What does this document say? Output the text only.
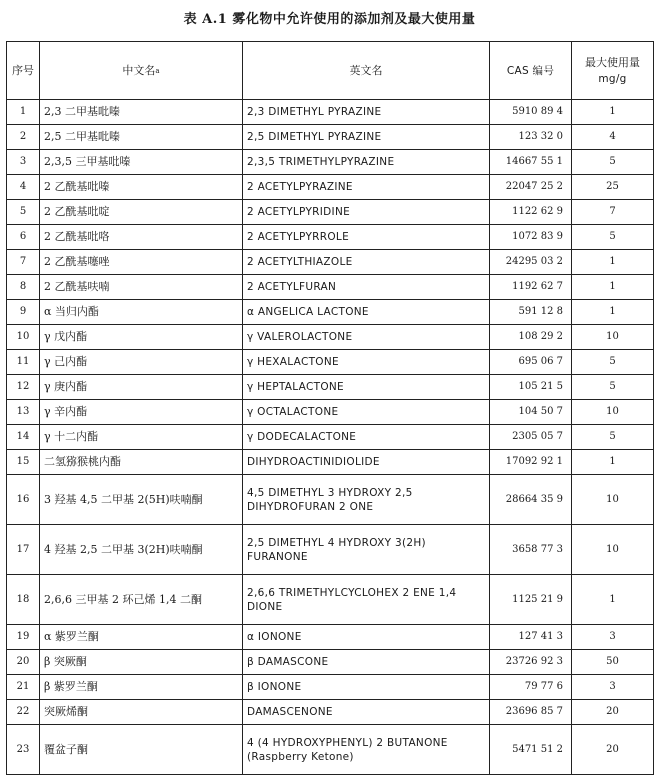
表 A.1 雾化物中允许使用的添加剂及最大使用量
序号	中文名$^a$	英文名	CAS 编号	最大使用量
mg/g

1	2,3 二甲基吡嗪	2,3 DIMETHYL PYRAZINE	5910 89 4	1
2	2,5 二甲基吡嗪	2,5 DIMETHYL PYRAZINE	123 32 0	4
3	2,3,5 三甲基吡嗪	2,3,5 TRIMETHYLPYRAZINE	14667 55 1	5
4	2 乙酰基吡嗪	2 ACETYLPYRAZINE	22047 25 2	25
5	2 乙酰基吡啶	2 ACETYLPYRIDINE	1122 62 9	7
6	2 乙酰基吡咯	2 ACETYLPYRROLE	1072 83 9	5
7	2 乙酰基噻唑	2 ACETYLTHIAZOLE	24295 03 2	1
8	2 乙酰基呋喃	2 ACETYLFURAN	1192 62 7	1
9	α 当归内酯	α ANGELICA LACTONE	591 12 8	1
10	γ 戊内酯	γ VALEROLACTONE	108 29 2	10
11	γ 己内酯	γ HEXALACTONE	695 06 7	5
12	γ 庚内酯	γ HEPTALACTONE	105 21 5	5
13	γ 辛内酯	γ OCTALACTONE	104 50 7	10
14	γ 十二内酯	γ DODECALACTONE	2305 05 7	5
15	二氢猕猴桃内酯	DIHYDROACTINIDIOLIDE	17092 92 1	1
16	3 羟基 4,5 二甲基 2(5H)呋喃酮	4,5 DIMETHYL 3 HYDROXY 2,5 DIHYDROFURAN 2 ONE	28664 35 9	10
17	4 羟基 2,5 二甲基 3(2H)呋喃酮	2,5 DIMETHYL 4 HYDROXY 3(2H) FURANONE	3658 77 3	10
18	2,6,6 三甲基 2 环己烯 1,4 二酮	2,6,6 TRIMETHYLCYCLOHEX 2 ENE 1,4 DIONE	1125 21 9	1
19	α 紫罗兰酮	α IONONE	127 41 3	3
20	β 突厥酮	β DAMASCONE	23726 92 3	50
21	β 紫罗兰酮	β IONONE	79 77 6	3
22	突厥烯酮	DAMASCENONE	23696 85 7	20
23	覆盆子酮	4 (4 HYDROXYPHENYL) 2 BUTANONE (Raspberry Ketone)	5471 51 2	20
